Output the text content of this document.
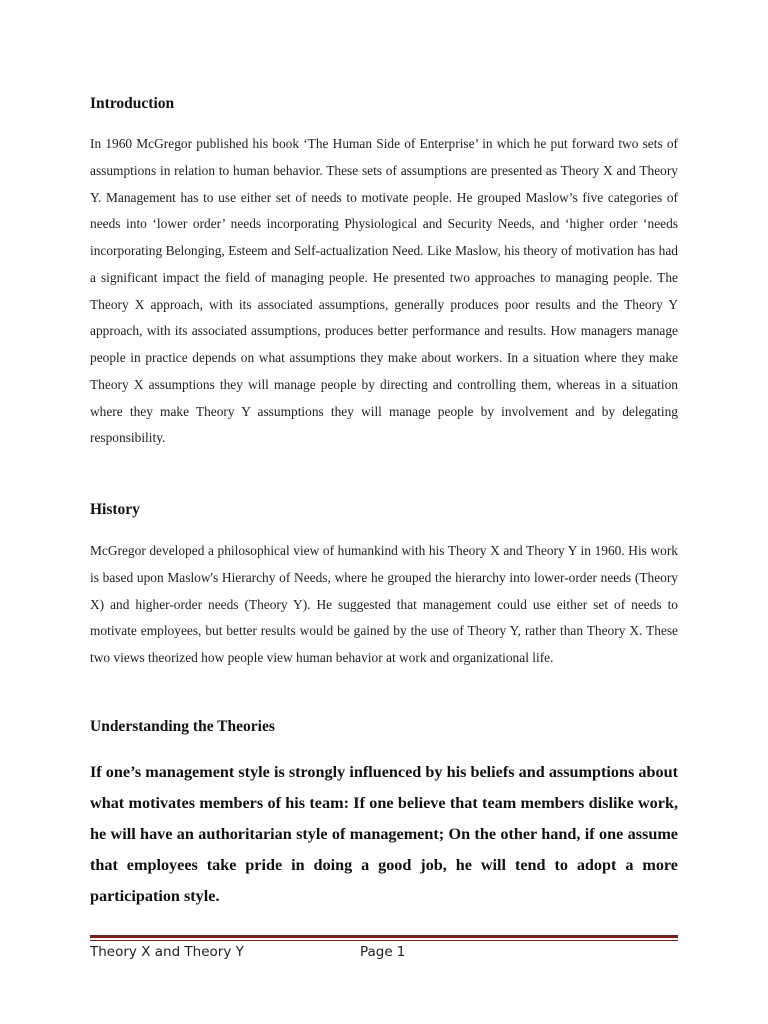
Introduction

In 1960 McGregor published his book ‘The Human Side of Enterprise’ in which he put forward two sets of assumptions in relation to human behavior. These sets of assumptions are presented as Theory X and Theory Y. Management has to use either set of needs to motivate people. He grouped Maslow’s five categories of needs into ‘lower order’ needs incorporating Physiological and Security Needs, and ‘higher order ‘needs incorporating Belonging, Esteem and Self-actualization Need. Like Maslow, his theory of motivation has had a significant impact the field of managing people. He presented two approaches to managing people. The Theory X approach, with its associated assumptions, generally produces poor results and the Theory Y approach, with its associated assumptions, produces better performance and results. How managers manage people in practice depends on what assumptions they make about workers. In a situation where they make Theory X assumptions they will manage people by directing and controlling them, whereas in a situation where they make Theory Y assumptions they will manage people by involvement and by delegating responsibility.

History

McGregor developed a philosophical view of humankind with his Theory X and Theory Y in 1960. His work is based upon Maslow's Hierarchy of Needs, where he grouped the hierarchy into lower-order needs (Theory X) and higher-order needs (Theory Y). He suggested that management could use either set of needs to motivate employees, but better results would be gained by the use of Theory Y, rather than Theory X. These two views theorized how people view human behavior at work and organizational life.

Understanding the Theories

If one’s management style is strongly influenced by his beliefs and assumptions about what motivates members of his team: If one believe that team members dislike work, he will have an authoritarian style of management; On the other hand, if one assume that employees take pride in doing a good job, he will tend to adopt a more participation style.

Theory X and Theory Y	Page 1
